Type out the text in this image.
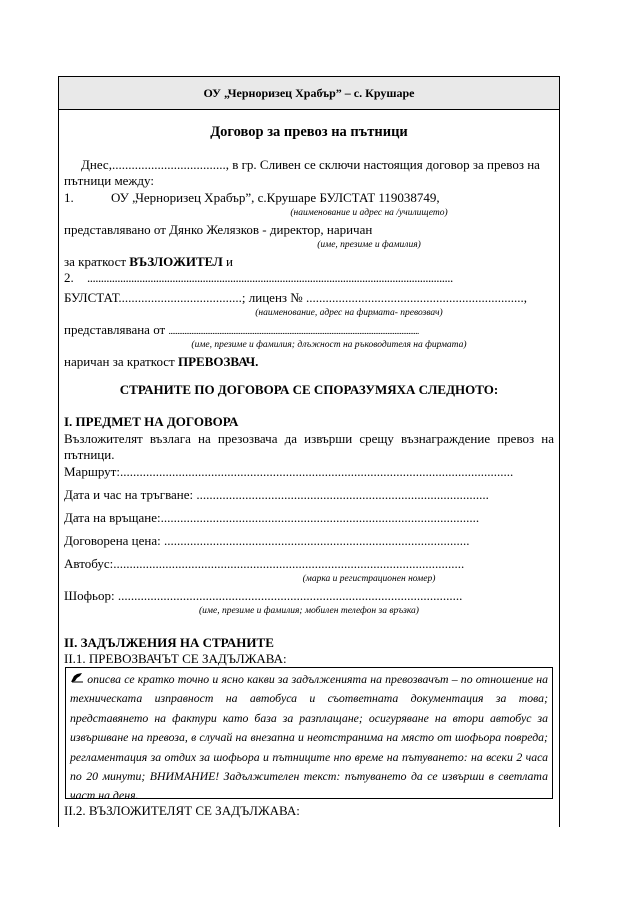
ОУ „Черноризец Храбър” – с. Крушаре
Договор за превоз на пътници
Днес,..................................., в гр. Сливен се сключи настоящия договор за превоз на
пътници между:
1.	ОУ „Черноризец Храбър”, с.Крушаре БУЛСТАТ 119038749,
(наименование и адрес на /училището)
представлявано от Дянко Желязков - директор, наричан
(име, презиме и фамилия)
за краткост ВЪЗЛОЖИТЕЛ и
2. .....................................................................................................................................
БУЛСТАТ......................................; лиценз № ...................................................................,
(наименование, адрес на фирмата- превозвач)
представлявана от ...............................................................................................................................................
(име, презиме и фамилия; длъжност на ръководителя на фирмата)
наричан за краткост ПРЕВОЗВАЧ.
СТРАНИТЕ ПО ДОГОВОРА СЕ СПОРАЗУМЯХА СЛЕДНОТО:
І. ПРЕДМЕТ НА ДОГОВОРА
Възложителят възлага на презозвача да извърши срещу възнаграждение превоз на пътници.
Маршрут:.........................................................................................................................
Дата и час на тръгване: ..........................................................................................
Дата на връщане:..................................................................................................
Договорена цена: ..............................................................................................
Автобус:............................................................................................................
(марка и регистрационен номер)
Шофьор: ..........................................................................................................
(име, презиме и фамилия; мобилен телефон за връзка)
ІІ. ЗАДЪЛЖЕНИЯ НА СТРАНИТЕ
ІІ.1. ПРЕВОЗВАЧЪТ СЕ ЗАДЪЛЖАВА:
описва се кратко точно и ясно какви за задълженията на превозвачът – по отношение на техническата изправност на автобуса и съответната документация за това; представянето на фактури като база за разплащане; осигуряване на втори автобус за извършване на превоза, в случай на внезапна и неотстранима на място от шофьора повреда; регламентация за отдих за шофьора и пътниците нпо време на пътуването: на всеки 2 часа по 20 минути; ВНИМАНИЕ! Задължителен текст: пътуването да се извърши в светлата част на деня.
ІІ.2. ВЪЗЛОЖИТЕЛЯТ СЕ ЗАДЪЛЖАВА:
